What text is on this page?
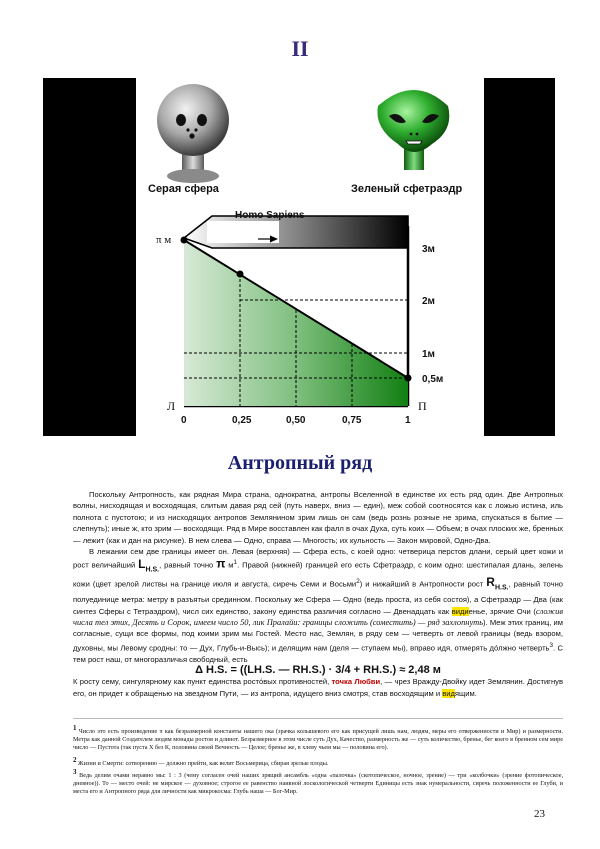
II
Серая сфера	Зеленый сфетраэдр
Homo Sapiens
π м
Л	П
3м
2м
1м
0,5м
0	0,25	0,50	0,75	1
Антропный ряд

Поскольку Антропность, как рядная Мира страна, однократна, антропы Вселенной в единстве их есть ряд один. Две Антропных волны, нисходящая и восходящая, слитым давая ряд сей (путь наверх, вниз — един), меж собой соотносятся как с ложью истина, иль полнота с пустотою; и из нисходящих антропов Землянином зрим лишь он сам (ведь рознь розные не зрима, спускаться в бытие — слепнуть); иные ж, кто зрим — восходящи. Ряд в Мире восставлен как фалл в очах Духа, суть коих — Объем; в очах плоских же, бренных — лежит (как и дан на рисунке). В нем слева — Одно, справа — Многость; их кульность — Закон мировой, Одно-Два.

В лежании сем две границы имеет он. Левая (верхняя) — Сфера есть, с коей одно: четверица перстов длани, серый цвет кожи и рост величайший $L_{H.S.}$, равный точно π $м^1$. Правой (нижней) границей его есть Сфетраэдр, с коим одно: шестипалая длань, зелень кожи (цвет зрелой листвы на границе июля и августа, сиречь Семи и Восьми$^2$) и нижайший в Антропности рост $R_{H.S.}$, равный точно полуединице метра: метру в разъятьи срединном. Поскольку же Сфера — Одно (ведь проста, из себя состоя), а Сфетраэдр — Два (как синтез Сферы с Тетраэдром), числ сих единство, закону единства различия согласно — Двенадцать как видиенье, зрячие Очи (сложив числа тел этих, Десять и Сорок, имеем число 50, лик Пралайи: границы сложить (соместить) — ряд захлопнуть). Меж этих границ, им согласные, сущи все формы, под коими зрим мы Гостей. Место нас, Землян, в ряду сем — четверть от левой границы (ведь взором, духовны, мы Левому сродны: то — Дух, Глубь-и-Высь); и делящим нам (деля — ступаем мы), вправо идя, отмерять дóлжно четверть$^3$. С тем рост наш, от многоразличья свободный, есть

Δ H.S. = ((LH.S. — RH.S.) · 3/4 + RH.S.) ≈ 2,48 м

К росту сему, сингулярному как пункт единства ростóвых противностей, точка Любви, — чрез Вражду-Двойку идет Землянин. Достигнув его, он придет к обращенью на звездном Пути, — из антропа, идущего вниз смотря, став восходящим и видящим.

$^1$ Число это есть произведение π как безразмерной константы нашего ока (зрачка колышевого его как присущей лишь нам, людям, меры его отверженности и Мир) и размерности. Метра как данной Создателем людям монады ростов и длинот. Безразмерное в этом числе суть Дух, Качество, размерность же — суть количество, бренье, бег коего в бренном сем мире число — Пустота (так пуста Х без К, половина своей Вечность — Целое; бренье же, в хлеву чьем мы — половина его).
$^2$ Жизни и Смерти: сотворению — должно прейти, как велит Восьмерица, сбирая зрелые плоды.
$^3$ Ведь делим очами неравно мы: 1 : 3 (чему согласен очей наших зрящий ансамбль «одна «палочка» (скотопическое, ночное, зрение) — три «колбочки» (зрение фотопическое, дневное)). То — место очей: не мирское — духовное; строгое ее равенство наивной лоскологической четверти Единицы есть знак нумеральности, сиречь положенности ее Глуби, и места его и Антропного ряда для личности как микрокосма: Глубь наша — Бог-Мир.
23
